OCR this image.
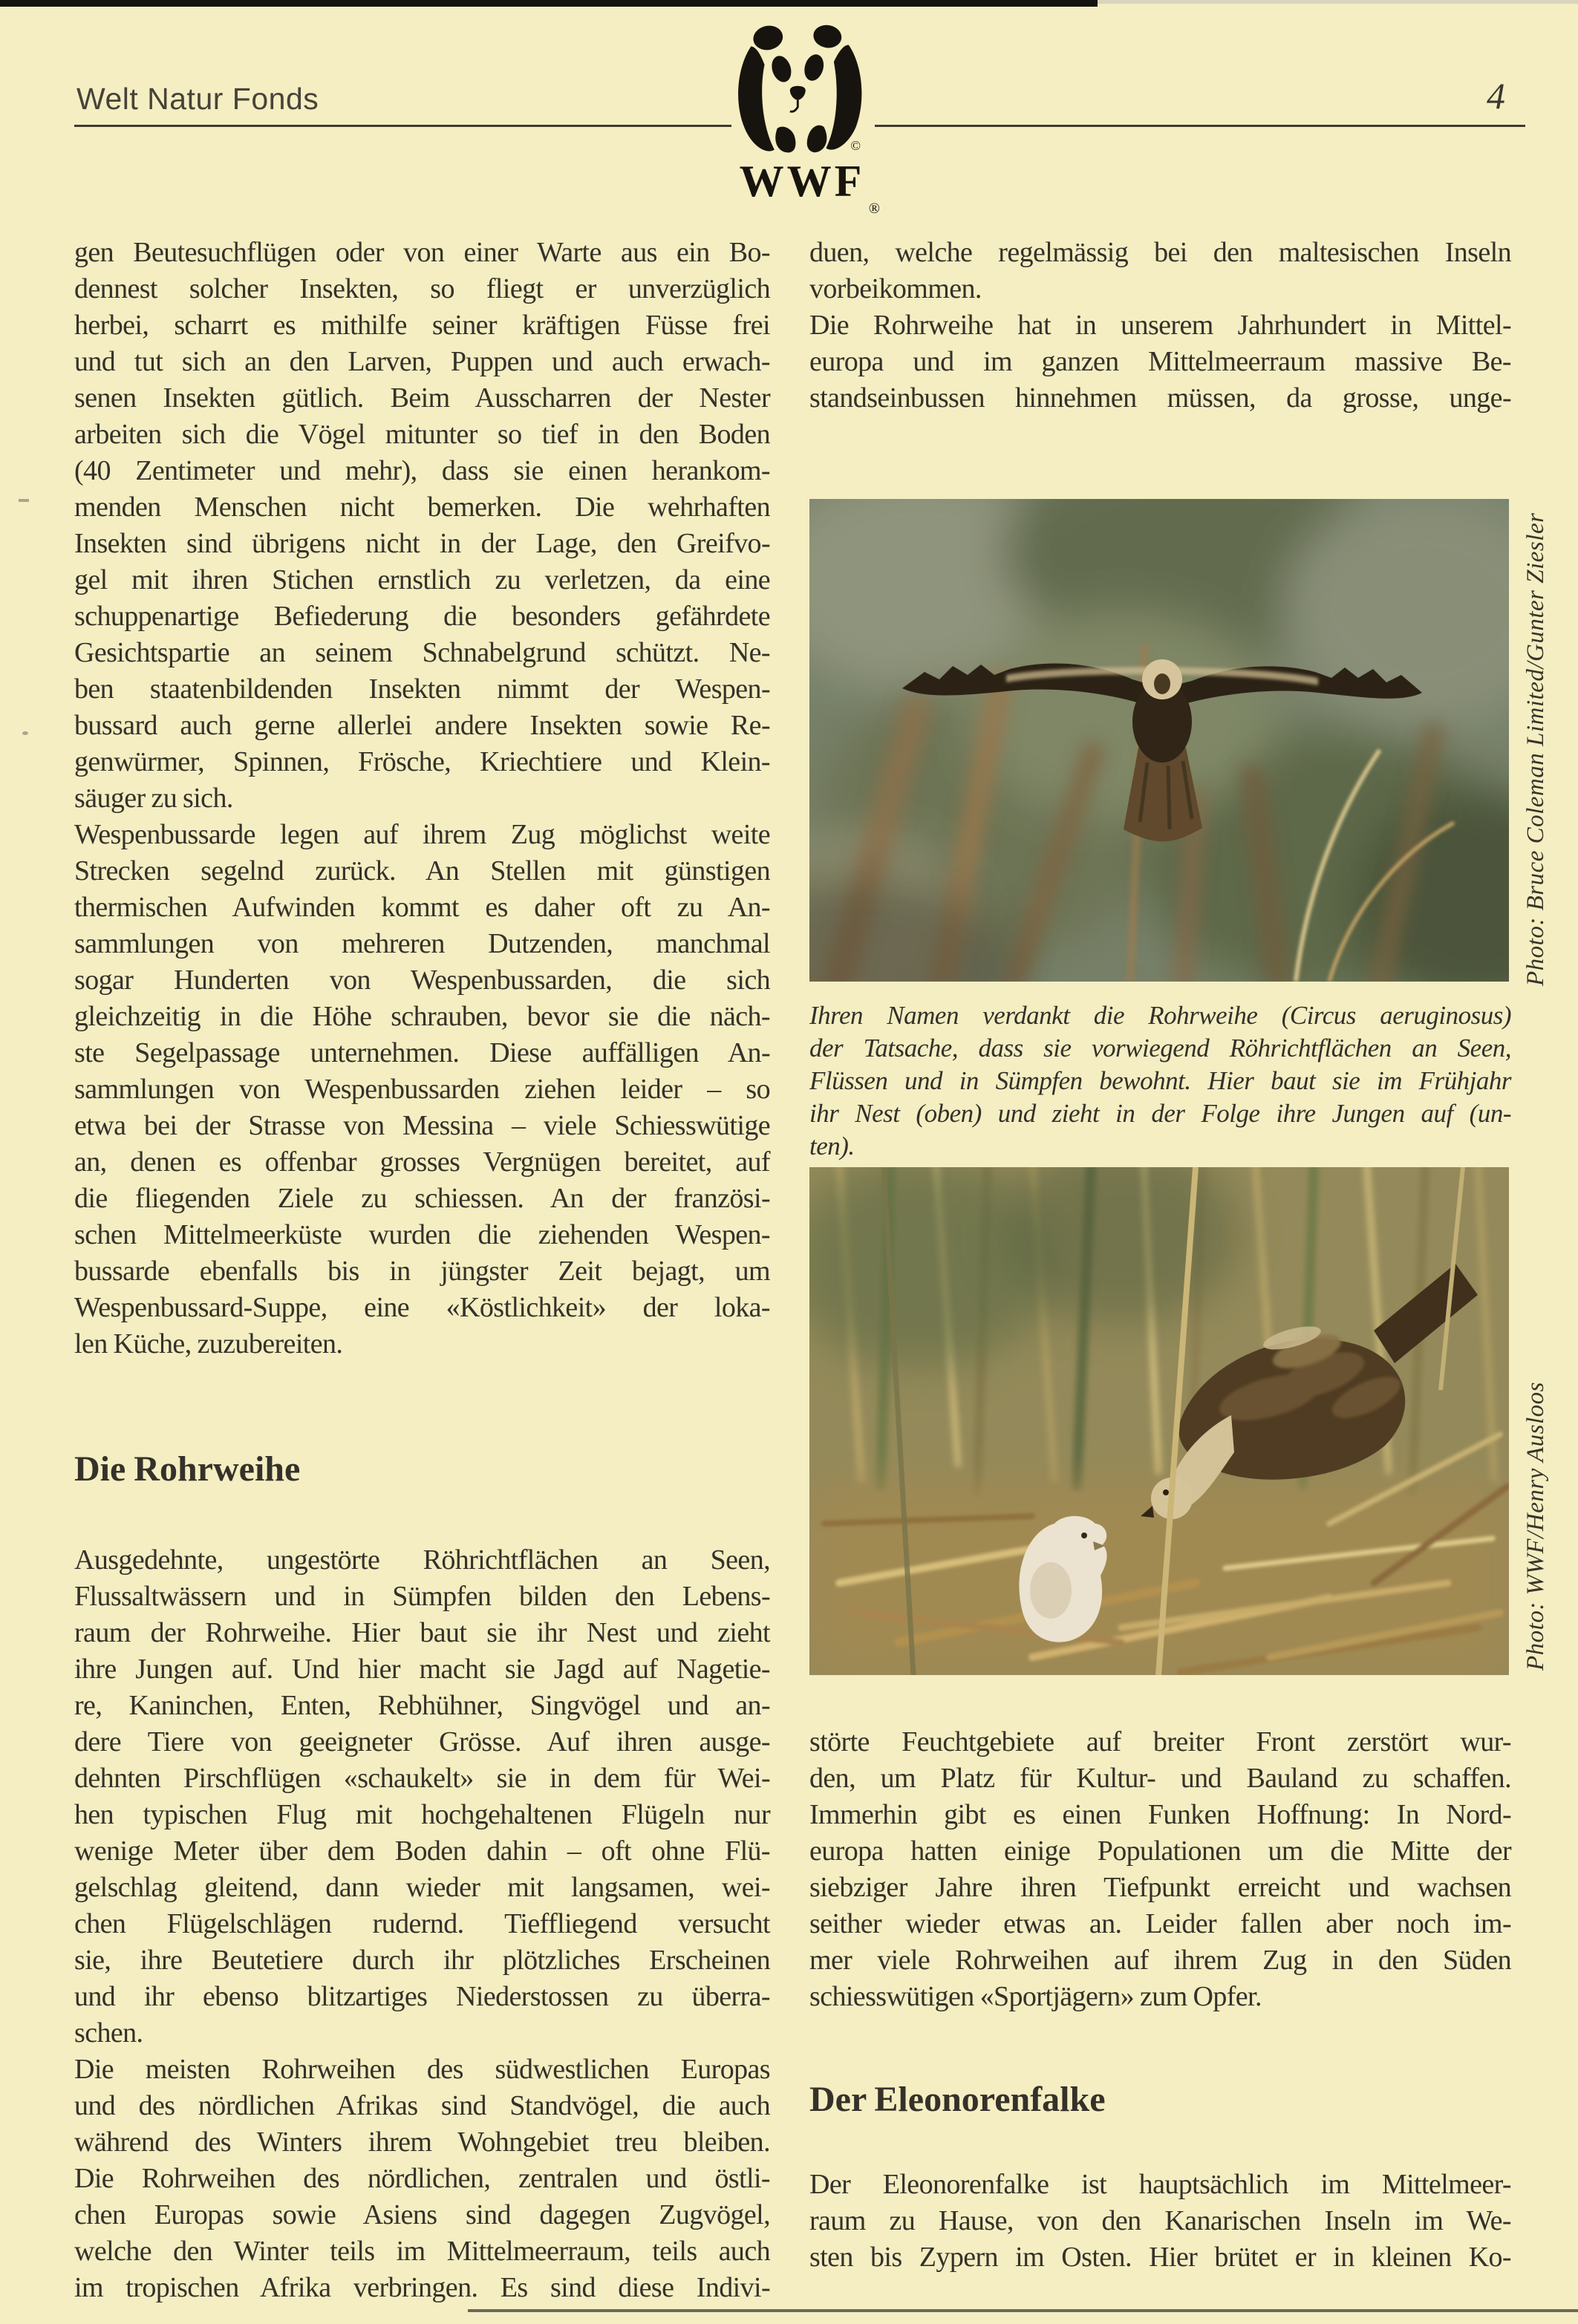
Welt Natur Fonds	4
WWF
©
®
gen Beutesuchflügen oder von einer Warte aus ein Bo-
dennest solcher Insekten, so fliegt er unverzüglich
herbei, scharrt es mithilfe seiner kräftigen Füsse frei
und tut sich an den Larven, Puppen und auch erwach-
senen Insekten gütlich. Beim Ausscharren der Nester
arbeiten sich die Vögel mitunter so tief in den Boden
(40 Zentimeter und mehr), dass sie einen herankom-
menden Menschen nicht bemerken. Die wehrhaften
Insekten sind übrigens nicht in der Lage, den Greifvo-
gel mit ihren Stichen ernstlich zu verletzen, da eine
schuppenartige Befiederung die besonders gefährdete
Gesichtspartie an seinem Schnabelgrund schützt. Ne-
ben staatenbildenden Insekten nimmt der Wespen-
bussard auch gerne allerlei andere Insekten sowie Re-
genwürmer, Spinnen, Frösche, Kriechtiere und Klein-
säuger zu sich.
Wespenbussarde legen auf ihrem Zug möglichst weite
Strecken segelnd zurück. An Stellen mit günstigen
thermischen Aufwinden kommt es daher oft zu An-
sammlungen von mehreren Dutzenden, manchmal
sogar Hunderten von Wespenbussarden, die sich
gleichzeitig in die Höhe schrauben, bevor sie die näch-
ste Segelpassage unternehmen. Diese auffälligen An-
sammlungen von Wespenbussarden ziehen leider – so
etwa bei der Strasse von Messina – viele Schiesswütige
an, denen es offenbar grosses Vergnügen bereitet, auf
die fliegenden Ziele zu schiessen. An der französi-
schen Mittelmeerküste wurden die ziehenden Wespen-
bussarde ebenfalls bis in jüngster Zeit bejagt, um
Wespenbussard-Suppe, eine «Köstlichkeit» der loka-
len Küche, zuzubereiten.
Die Rohrweihe
Ausgedehnte, ungestörte Röhrichtflächen an Seen,
Flussaltwässern und in Sümpfen bilden den Lebens-
raum der Rohrweihe. Hier baut sie ihr Nest und zieht
ihre Jungen auf. Und hier macht sie Jagd auf Nagetie-
re, Kaninchen, Enten, Rebhühner, Singvögel und an-
dere Tiere von geeigneter Grösse. Auf ihren ausge-
dehnten Pirschflügen «schaukelt» sie in dem für Wei-
hen typischen Flug mit hochgehaltenen Flügeln nur
wenige Meter über dem Boden dahin – oft ohne Flü-
gelschlag gleitend, dann wieder mit langsamen, wei-
chen Flügelschlägen rudernd. Tieffliegend versucht
sie, ihre Beutetiere durch ihr plötzliches Erscheinen
und ihr ebenso blitzartiges Niederstossen zu überra-
schen.
Die meisten Rohrweihen des südwestlichen Europas
und des nördlichen Afrikas sind Standvögel, die auch
während des Winters ihrem Wohngebiet treu bleiben.
Die Rohrweihen des nördlichen, zentralen und östli-
chen Europas sowie Asiens sind dagegen Zugvögel,
welche den Winter teils im Mittelmeerraum, teils auch
im tropischen Afrika verbringen. Es sind diese Indivi-
duen, welche regelmässig bei den maltesischen Inseln
vorbeikommen.
Die Rohrweihe hat in unserem Jahrhundert in Mittel-
europa und im ganzen Mittelmeerraum massive Be-
standseinbussen hinnehmen müssen, da grosse, unge-
Ihren Namen verdankt die Rohrweihe (Circus aeruginosus)
der Tatsache, dass sie vorwiegend Röhrichtflächen an Seen,
Flüssen und in Sümpfen bewohnt. Hier baut sie im Frühjahr
ihr Nest (oben) und zieht in der Folge ihre Jungen auf (un-
ten).
störte Feuchtgebiete auf breiter Front zerstört wur-
den, um Platz für Kultur- und Bauland zu schaffen.
Immerhin gibt es einen Funken Hoffnung: In Nord-
europa hatten einige Populationen um die Mitte der
siebziger Jahre ihren Tiefpunkt erreicht und wachsen
seither wieder etwas an. Leider fallen aber noch im-
mer viele Rohrweihen auf ihrem Zug in den Süden
schiesswütigen «Sportjägern» zum Opfer.
Der Eleonorenfalke
Der Eleonorenfalke ist hauptsächlich im Mittelmeer-
raum zu Hause, von den Kanarischen Inseln im We-
sten bis Zypern im Osten. Hier brütet er in kleinen Ko-
Photo: Bruce Coleman Limited/Gunter Ziesler
Photo: WWF/Henry Ausloos
